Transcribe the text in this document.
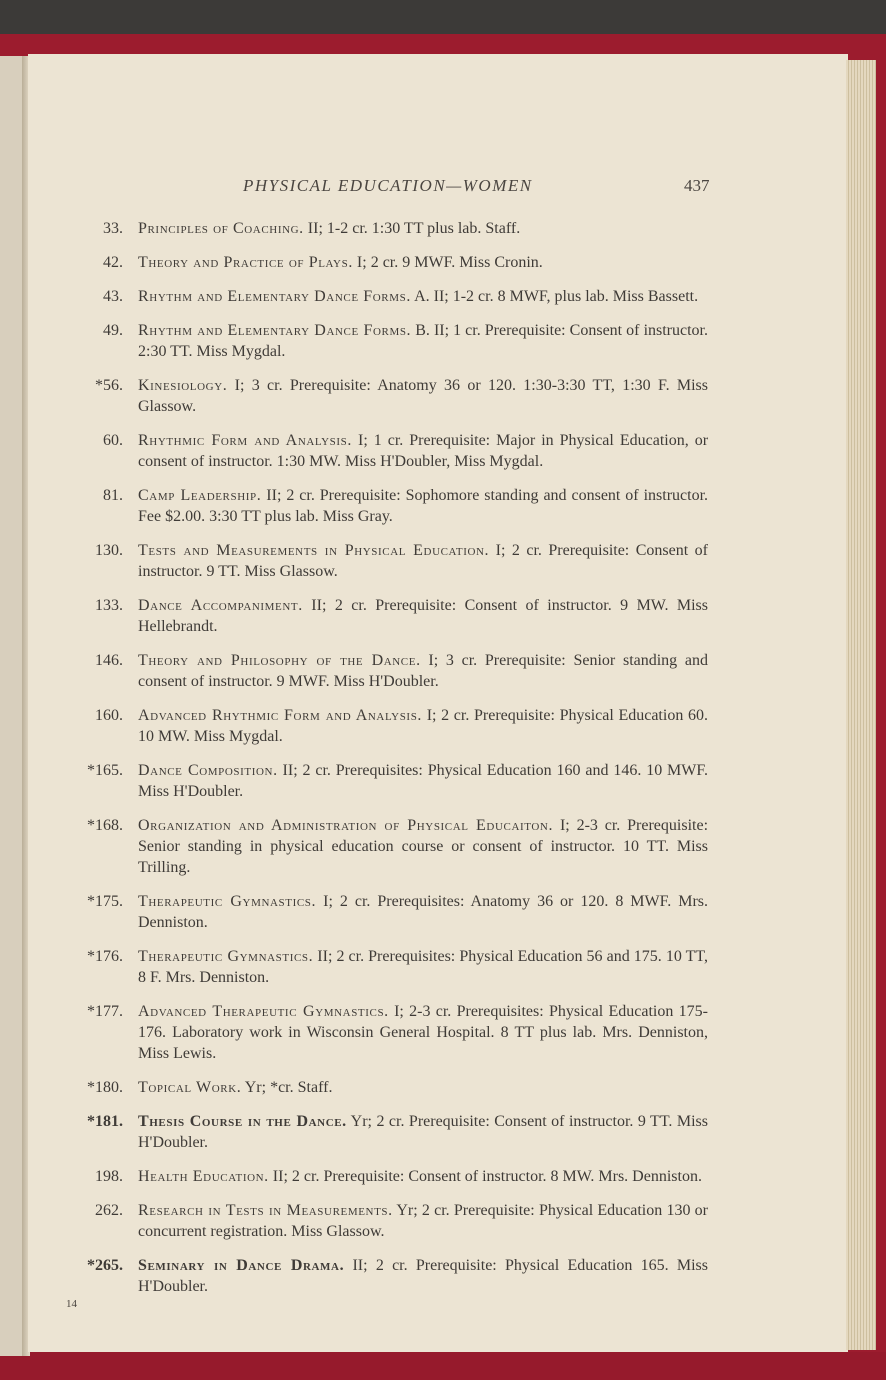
PHYSICAL EDUCATION—WOMEN	437
33. Principles of Coaching. II; 1-2 cr. 1:30 TT plus lab. Staff.
42. Theory and Practice of Plays. I; 2 cr. 9 MWF. Miss Cronin.
43. Rhythm and Elementary Dance Forms. A. II; 1-2 cr. 8 MWF, plus lab. Miss Bassett.
49. Rhythm and Elementary Dance Forms. B. II; 1 cr. Prerequisite: Consent of instructor. 2:30 TT. Miss Mygdal.
*56. Kinesiology. I; 3 cr. Prerequisite: Anatomy 36 or 120. 1:30-3:30 TT, 1:30 F. Miss Glassow.
60. Rhythmic Form and Analysis. I; 1 cr. Prerequisite: Major in Physical Education, or consent of instructor. 1:30 MW. Miss H'Doubler, Miss Mygdal.
81. Camp Leadership. II; 2 cr. Prerequisite: Sophomore standing and consent of instructor. Fee $2.00. 3:30 TT plus lab. Miss Gray.
130. Tests and Measurements in Physical Education. I; 2 cr. Prerequisite: Consent of instructor. 9 TT. Miss Glassow.
133. Dance Accompaniment. II; 2 cr. Prerequisite: Consent of instructor. 9 MW. Miss Hellebrandt.
146. Theory and Philosophy of the Dance. I; 3 cr. Prerequisite: Senior standing and consent of instructor. 9 MWF. Miss H'Doubler.
160. Advanced Rhythmic Form and Analysis. I; 2 cr. Prerequisite: Physical Education 60. 10 MW. Miss Mygdal.
*165. Dance Composition. II; 2 cr. Prerequisites: Physical Education 160 and 146. 10 MWF. Miss H'Doubler.
*168. Organization and Administration of Physical Educaiton. I; 2-3 cr. Prerequisite: Senior standing in physical education course or consent of instructor. 10 TT. Miss Trilling.
*175. Therapeutic Gymnastics. I; 2 cr. Prerequisites: Anatomy 36 or 120. 8 MWF. Mrs. Denniston.
*176. Therapeutic Gymnastics. II; 2 cr. Prerequisites: Physical Education 56 and 175. 10 TT, 8 F. Mrs. Denniston.
*177. Advanced Therapeutic Gymnastics. I; 2-3 cr. Prerequisites: Physical Education 175-176. Laboratory work in Wisconsin General Hospital. 8 TT plus lab. Mrs. Denniston, Miss Lewis.
*180. Topical Work. Yr; *cr. Staff.
*181. Thesis Course in the Dance. Yr; 2 cr. Prerequisite: Consent of instructor. 9 TT. Miss H'Doubler.
198. Health Education. II; 2 cr. Prerequisite: Consent of instructor. 8 MW. Mrs. Denniston.
262. Research in Tests in Measurements. Yr; 2 cr. Prerequisite: Physical Education 130 or concurrent registration. Miss Glassow.
*265. Seminary in Dance Drama. II; 2 cr. Prerequisite: Physical Education 165. Miss H'Doubler.
14
